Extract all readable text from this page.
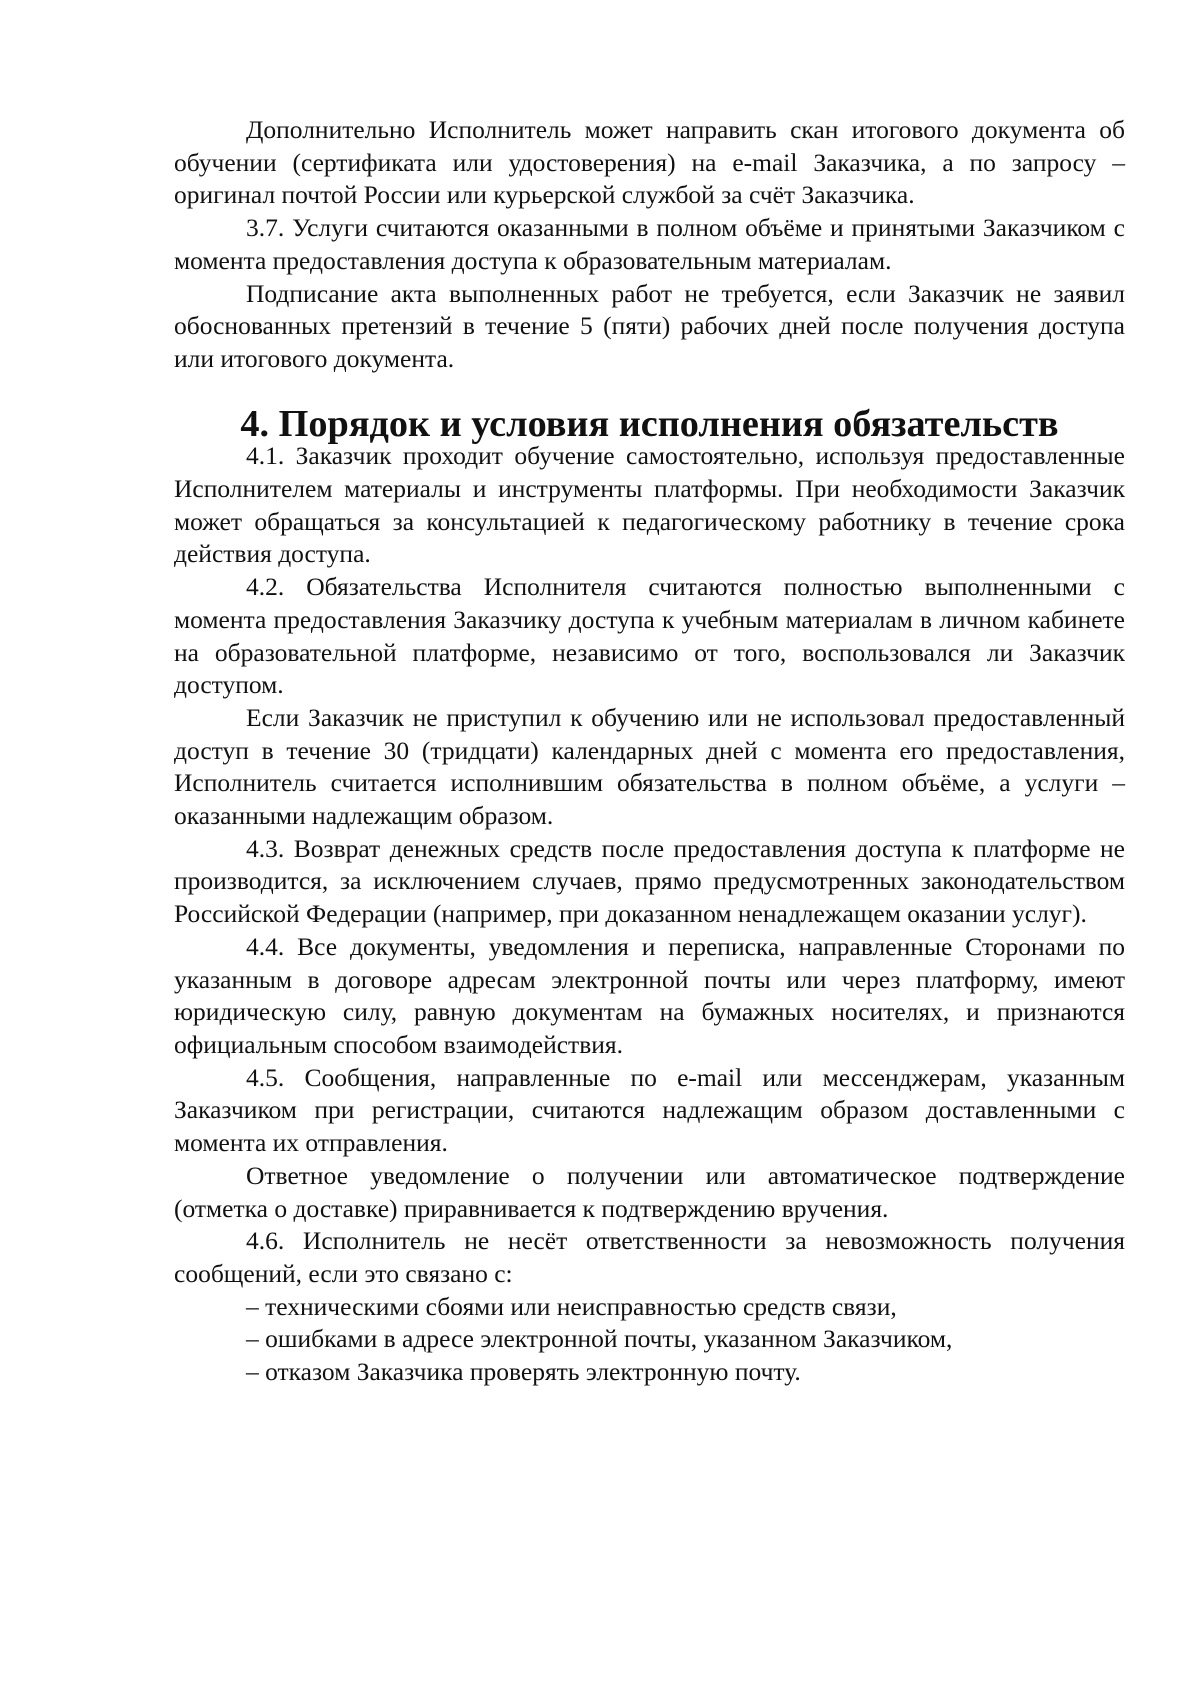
Дополнительно Исполнитель может направить скан итогового документа об обучении (сертификата или удостоверения) на e-mail Заказчика, а по запросу – оригинал почтой России или курьерской службой за счёт Заказчика.

3.7. Услуги считаются оказанными в полном объёме и принятыми Заказчиком с момента предоставления доступа к образовательным материалам.

Подписание акта выполненных работ не требуется, если Заказчик не заявил обоснованных претензий в течение 5 (пяти) рабочих дней после получения доступа или итогового документа.

4. Порядок и условия исполнения обязательств

4.1. Заказчик проходит обучение самостоятельно, используя предоставленные Исполнителем материалы и инструменты платформы. При необходимости Заказчик может обращаться за консультацией к педагогическому работнику в течение срока действия доступа.

4.2. Обязательства Исполнителя считаются полностью выполненными с момента предоставления Заказчику доступа к учебным материалам в личном кабинете на образовательной платформе, независимо от того, воспользовался ли Заказчик доступом.

Если Заказчик не приступил к обучению или не использовал предоставленный доступ в течение 30 (тридцати) календарных дней с момента его предоставления, Исполнитель считается исполнившим обязательства в полном объёме, а услуги – оказанными надлежащим образом.

4.3. Возврат денежных средств после предоставления доступа к платформе не производится, за исключением случаев, прямо предусмотренных законодательством Российской Федерации (например, при доказанном ненадлежащем оказании услуг).

4.4. Все документы, уведомления и переписка, направленные Сторонами по указанным в договоре адресам электронной почты или через платформу, имеют юридическую силу, равную документам на бумажных носителях, и признаются официальным способом взаимодействия.

4.5. Сообщения, направленные по e-mail или мессенджерам, указанным Заказчиком при регистрации, считаются надлежащим образом доставленными с момента их отправления.

Ответное уведомление о получении или автоматическое подтверждение (отметка о доставке) приравнивается к подтверждению вручения.

4.6. Исполнитель не несёт ответственности за невозможность получения сообщений, если это связано с:

– техническими сбоями или неисправностью средств связи,
– ошибками в адресе электронной почты, указанном Заказчиком,
– отказом Заказчика проверять электронную почту.
